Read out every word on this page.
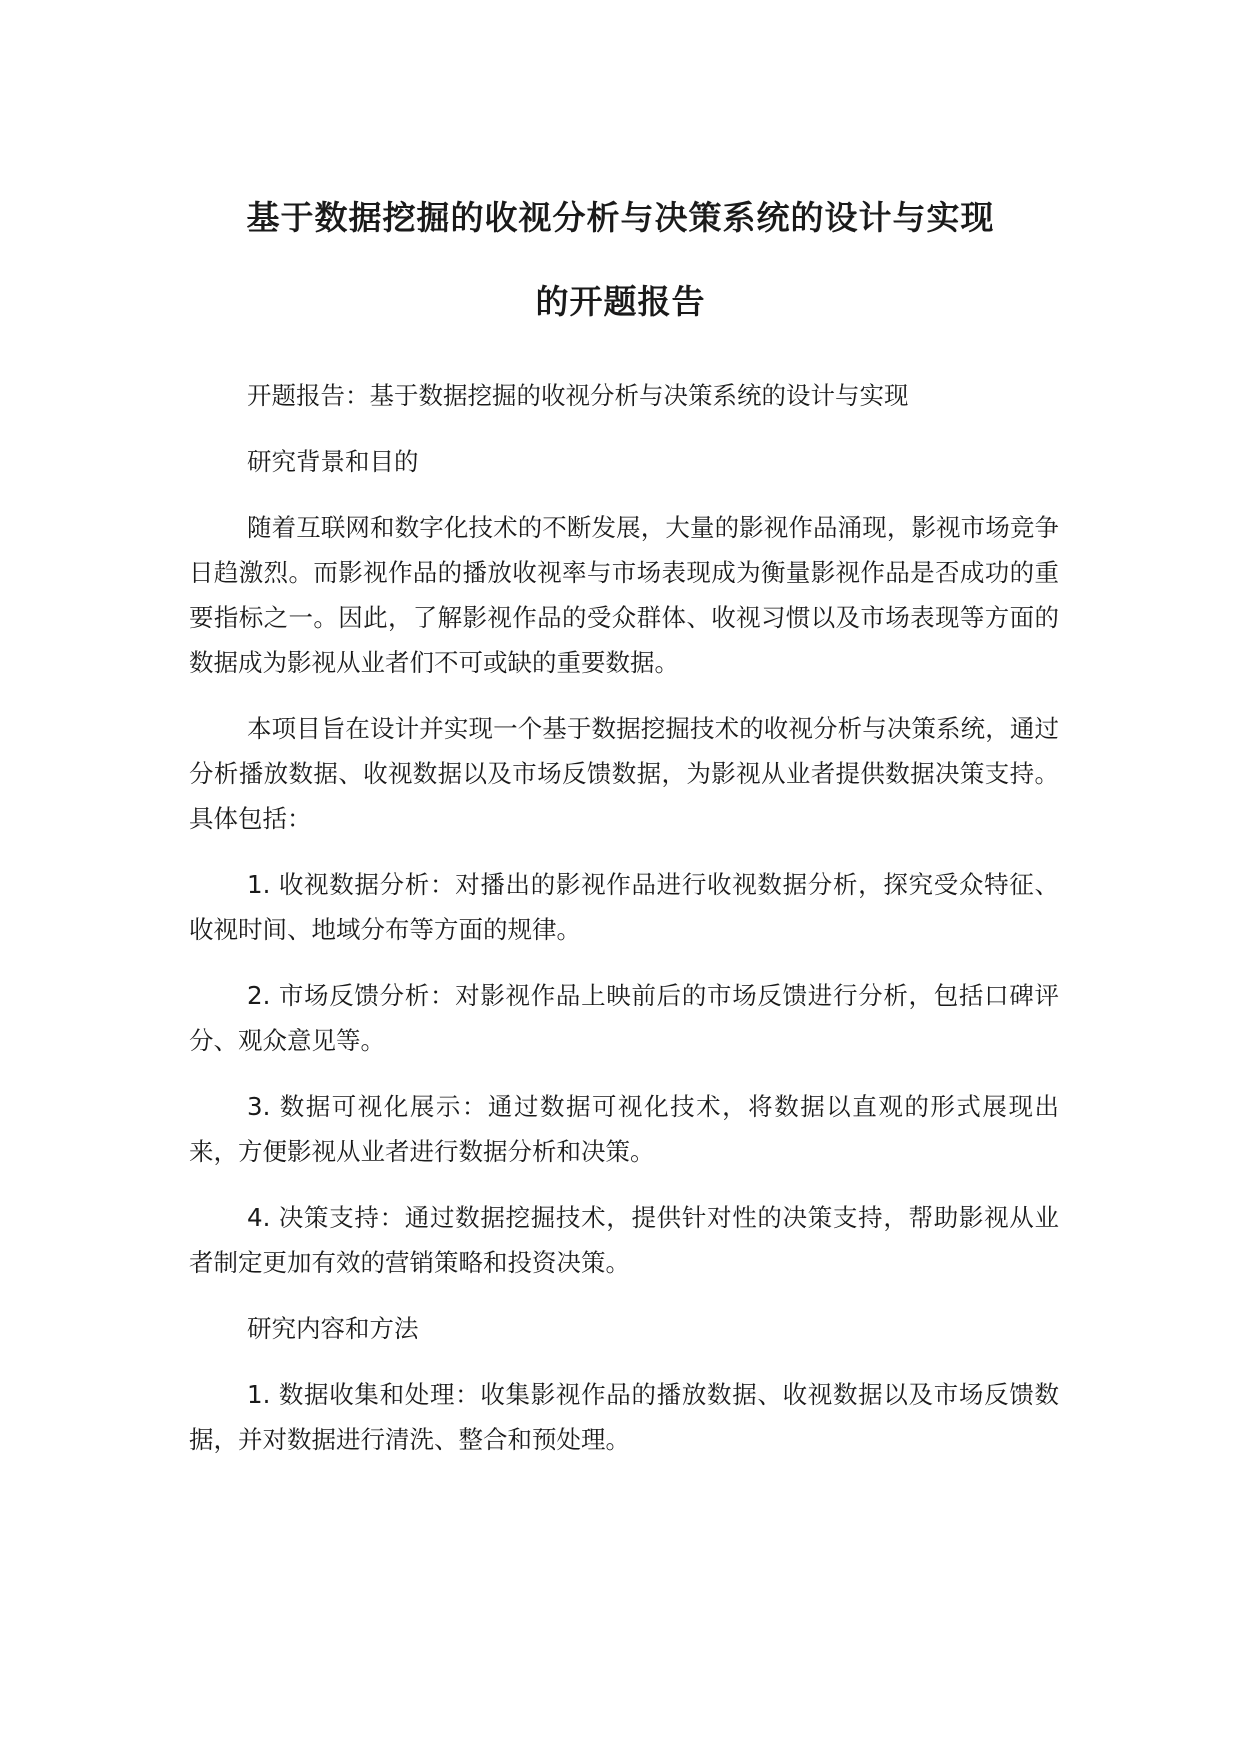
基于数据挖掘的收视分析与决策系统的设计与实现
的开题报告

开题报告：基于数据挖掘的收视分析与决策系统的设计与实现

研究背景和目的

随着互联网和数字化技术的不断发展，大量的影视作品涌现，影视市场竞争日趋激烈。而影视作品的播放收视率与市场表现成为衡量影视作品是否成功的重要指标之一。因此，了解影视作品的受众群体、收视习惯以及市场表现等方面的数据成为影视从业者们不可或缺的重要数据。

本项目旨在设计并实现一个基于数据挖掘技术的收视分析与决策系统，通过分析播放数据、收视数据以及市场反馈数据，为影视从业者提供数据决策支持。具体包括：

1. 收视数据分析：对播出的影视作品进行收视数据分析，探究受众特征、收视时间、地域分布等方面的规律。

2. 市场反馈分析：对影视作品上映前后的市场反馈进行分析，包括口碑评分、观众意见等。

3. 数据可视化展示：通过数据可视化技术，将数据以直观的形式展现出来，方便影视从业者进行数据分析和决策。

4. 决策支持：通过数据挖掘技术，提供针对性的决策支持，帮助影视从业者制定更加有效的营销策略和投资决策。

研究内容和方法

1. 数据收集和处理：收集影视作品的播放数据、收视数据以及市场反馈数据，并对数据进行清洗、整合和预处理。
